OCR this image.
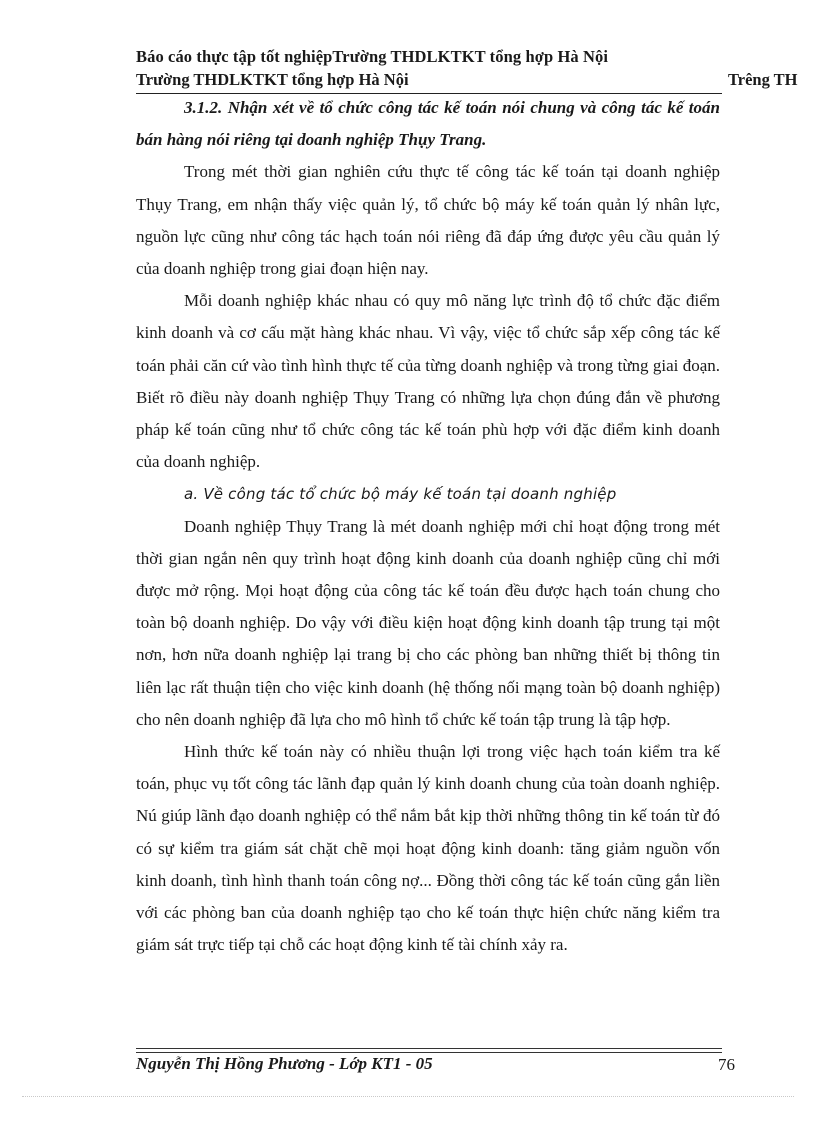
Báo cáo thực tập tốt nghiệpTrường THDLKTKT tổng hợp Hà Nội
Trường THDLKTKT tổng hợp Hà Nội	Trêng TH

3.1.2. Nhận xét về tổ chức công tác kế toán nói chung và công tác kế toán bán hàng nói riêng tại doanh nghiệp Thụy Trang.

Trong mét thời gian nghiên cứu thực tế công tác kế toán tại doanh nghiệp Thụy Trang, em nhận thấy việc quản lý, tổ chức bộ máy kế toán quản lý nhân lực, nguồn lực cũng như công tác hạch toán nói riêng đã đáp ứng được yêu cầu quản lý của doanh nghiệp trong giai đoạn hiện nay.

Mỗi doanh nghiệp khác nhau có quy mô năng lực trình độ tổ chức đặc điểm kinh doanh và cơ cấu mặt hàng khác nhau. Vì vậy, việc tổ chức sắp xếp công tác kế toán phải căn cứ vào tình hình thực tế của từng doanh nghiệp và trong từng giai đoạn. Biết rõ điều này doanh nghiệp Thụy Trang có những lựa chọn đúng đắn về phương pháp kế toán cũng như tổ chức công tác kế toán phù hợp với đặc điểm kinh doanh của doanh nghiệp.

a. Về công tác tổ chức bộ máy kế toán tại doanh nghiệp

Doanh nghiệp Thụy Trang là mét doanh nghiệp mới chỉ hoạt động trong mét thời gian ngắn nên quy trình hoạt động kinh doanh của doanh nghiệp cũng chỉ mới được mở rộng. Mọi hoạt động của công tác kế toán đều được hạch toán chung cho toàn bộ doanh nghiệp. Do vậy với điều kiện hoạt động kinh doanh tập trung tại một nơn, hơn nữa doanh nghiệp lại trang bị cho các phòng ban những thiết bị thông tin liên lạc rất thuận tiện cho việc kinh doanh (hệ thống nối mạng toàn bộ doanh nghiệp) cho nên doanh nghiệp đã lựa cho mô hình tổ chức kế toán tập trung là tập hợp.

Hình thức kế toán này có nhiều thuận lợi trong việc hạch toán kiểm tra kế toán, phục vụ tốt công tác lãnh đạp quản lý kinh doanh chung của toàn doanh nghiệp. Nú giúp lãnh đạo doanh nghiệp có thể nắm bắt kịp thời những thông tin kế toán từ đó có sự kiểm tra giám sát chặt chẽ mọi hoạt động kinh doanh: tăng giảm nguồn vốn kinh doanh, tình hình thanh toán công nợ... Đồng thời công tác kế toán cũng gắn liền với các phòng ban của doanh nghiệp tạo cho kế toán thực hiện chức năng kiểm tra giám sát trực tiếp tại chỗ các hoạt động kinh tế tài chính xảy ra.

Nguyễn Thị Hồng Phương - Lớp KT1 - 05	76
